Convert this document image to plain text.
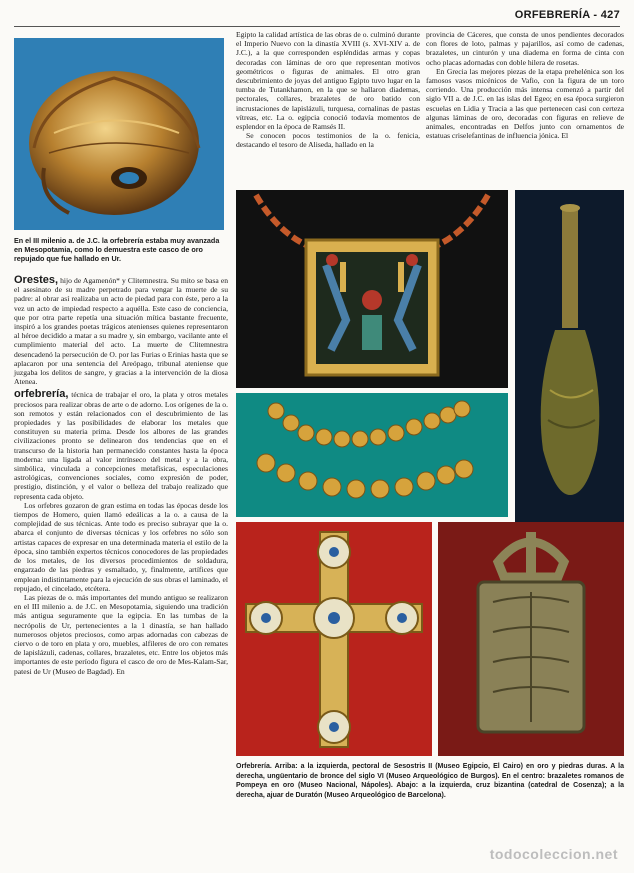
ORFEBRERÍA - 427
En el III milenio a. de J.C. la orfebrería estaba muy avanzada en Mesopotamia, como lo demuestra este casco de oro repujado que fue hallado en Ur.
Orestes, hijo de Agamenón* y Clitemnestra. Su mito se basa en el asesinato de su madre perpetrado para vengar la muerte de su padre: al obrar así realizaba un acto de piedad para con éste, pero a la vez un acto de impiedad respecto a aquélla. Este caso de conciencia, que por otra parte repetía una situación mítica bastante frecuente, inspiró a los grandes poetas trágicos atenienses quienes representaron al héroe decidido a matar a su madre y, sin embargo, vacilante ante el cumplimiento material del acto. La muerte de Clitemnestra desencadenó la persecución de O. por las Furias o Erinias hasta que se aplacaron por una sentencia del Areópago, tribunal ateniense que juzgaba los delitos de sangre, y gracias a la intervención de la diosa Atenea.
orfebrería, técnica de trabajar el oro, la plata y otros metales preciosos para realizar obras de arte o de adorno. Los orígenes de la o. son remotos y están relacionados con el descubrimiento de las propiedades y las posibilidades de elaborar los metales que constituyen su materia prima. Desde los albores de las grandes civilizaciones pronto se delinearon dos tendencias que en el transcurso de la historia han permanecido constantes hasta la época moderna: una ligada al valor intrínseco del metal y a la obra, simbólica, vinculada a concepciones metafísicas, especulaciones astrológicas, convenciones sociales, como expresión de poder, prestigio, distinción, y el valor o belleza del trabajo realizado que representa cada objeto.
Los orfebres gozaron de gran estima en todas las épocas desde los tiempos de Homero, quien llamó edeálicas a la o. a causa de la complejidad de sus técnicas. Ante todo es preciso subrayar que la o. abarca el conjunto de diversas técnicas y los orfebres no sólo son artistas capaces de expresar en una determinada materia el estilo de la época, sino también expertos técnicos conocedores de las propiedades de los metales, de los diversos procedimientos de soldadura, engarzado de las piedras y esmaltado, y, finalmente, artífices que emplean indistintamente para la ejecución de sus obras el laminado, el repujado, el cincelado, etcétera.
Las piezas de o. más importantes del mundo antiguo se realizaron en el III milenio a. de J.C. en Mesopotamia, siguiendo una tradición más antigua seguramente que la egipcia. En las tumbas de la necrópolis de Ur, pertenecientes a la 1 dinastía, se han hallado numerosos objetos preciosos, como arpas adornadas con cabezas de ciervo o de toro en plata y oro, muebles, alfileres de oro con remates de lapislázuli, cadenas, collares, brazaletes, etc. Entre los objetos más importantes de este período figura el casco de oro de Mes-Kalam-Sar, patesi de Ur (Museo de Bagdad). En
Egipto la calidad artística de las obras de o. culminó durante el Imperio Nuevo con la dinastía XVIII (s. XVI-XIV a. de J.C.), a la que corresponden espléndidas armas y copas decoradas con láminas de oro que representan motivos geométricos o figuras de animales. El otro gran descubrimiento de joyas del antiguo Egipto tuvo lugar en la tumba de Tutankhamon, en la que se hallaron diademas, pectorales, collares, brazaletes de oro batido con incrustaciones de lapislázuli, turquesa, cornalinas de pastas vítreas, etc. La o. egipcia conoció todavía momentos de esplendor en la época de Ramsés II.
Se conocen pocos testimonios de la o. fenicia, destacando el tesoro de Aliseda, hallado en la
provincia de Cáceres, que consta de unos pendientes decorados con flores de loto, palmas y pajarillos, así como de cadenas, brazaletes, un cinturón y una diadema en forma de cinta con ocho placas adornadas con doble hilera de rosetas.
En Grecia las mejores piezas de la etapa prehelénica son los famosos vasos micénicos de Vafio, con la figura de un toro corriendo. Una producción más intensa comenzó a partir del siglo VII a. de J.C. en las islas del Egeo; en esa época surgieron escuelas en Lidia y Tracia a las que pertenecen casi con certeza algunas láminas de oro, decoradas con figuras en relieve de animales, encontradas en Delfos junto con ornamentos de estatuas criselefantinas de influencia jónica. El
Orfebrería. Arriba: a la izquierda, pectoral de Sesostris II (Museo Egipcio, El Cairo) en oro y piedras duras. A la derecha, ungüentario de bronce del siglo VI (Museo Arqueológico de Burgos). En el centro: brazaletes romanos de Pompeya en oro (Museo Nacional, Nápoles). Abajo: a la izquierda, cruz bizantina (catedral de Cosenza); a la derecha, ajuar de Duratón (Museo Arqueológico de Barcelona).
todocoleccion.net
